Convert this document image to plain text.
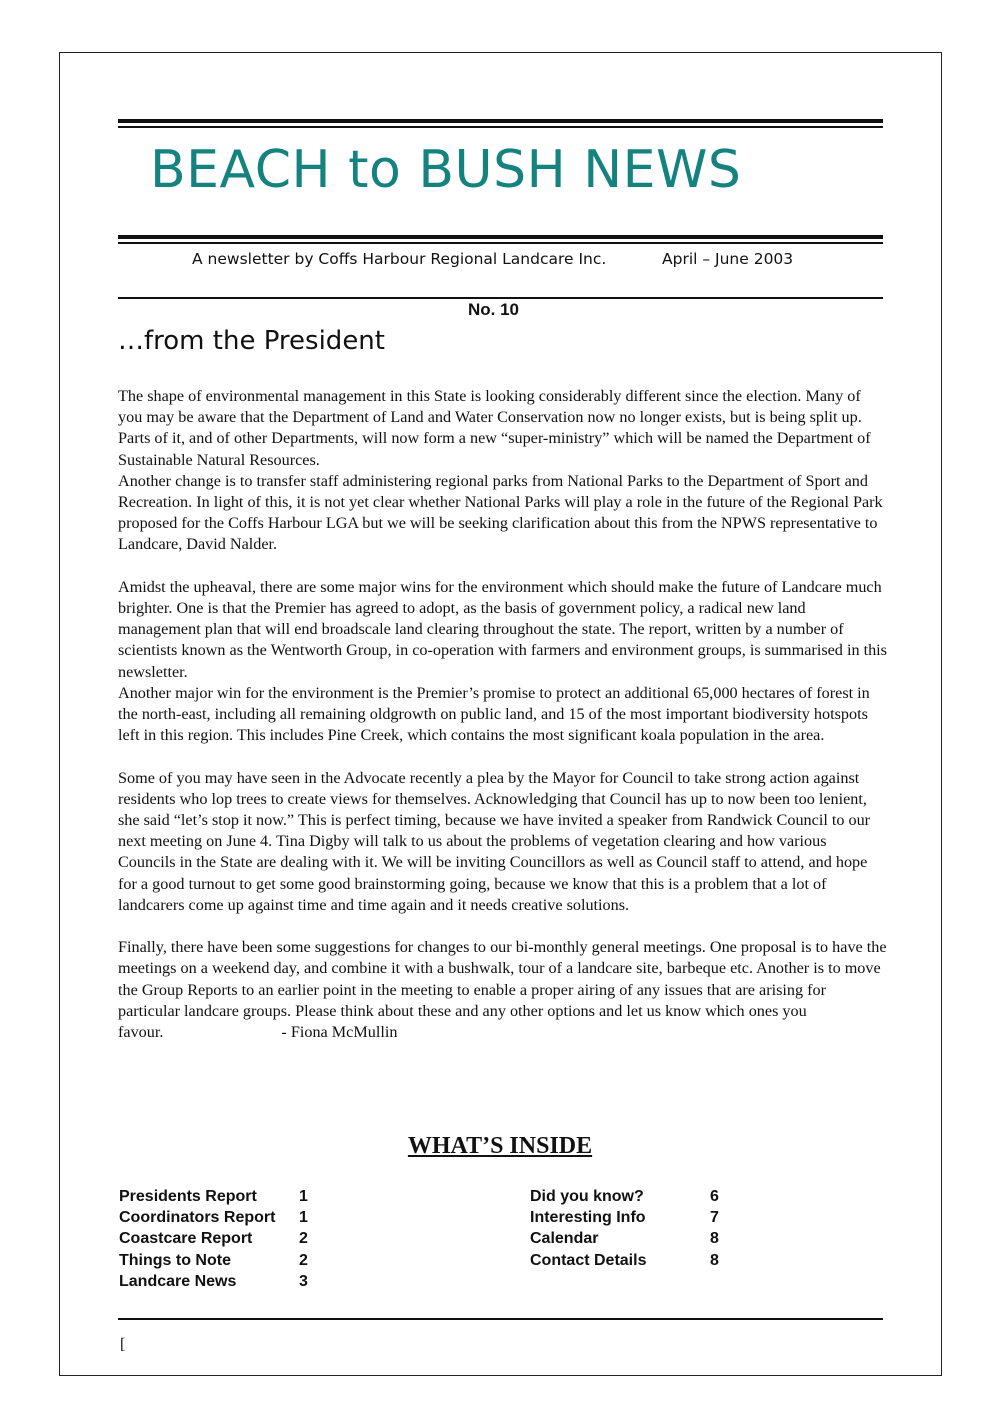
BEACH to BUSH NEWS
A newsletter by Coffs Harbour Regional Landcare Inc.	April – June 2003
No. 10
…from the President

The shape of environmental management in this State is looking considerably different since the election. Many of you may be aware that the Department of Land and Water Conservation now no longer exists, but is being split up. Parts of it, and of other Departments, will now form a new “super-ministry” which will be named the Department of Sustainable Natural Resources.
Another change is to transfer staff administering regional parks from National Parks to the Department of Sport and Recreation. In light of this, it is not yet clear whether National Parks will play a role in the future of the Regional Park proposed for the Coffs Harbour LGA but we will be seeking clarification about this from the NPWS representative to Landcare, David Nalder.

Amidst the upheaval, there are some major wins for the environment which should make the future of Landcare much brighter. One is that the Premier has agreed to adopt, as the basis of government policy, a radical new land management plan that will end broadscale land clearing throughout the state. The report, written by a number of scientists known as the Wentworth Group, in co-operation with farmers and environment groups, is summarised in this newsletter.
Another major win for the environment is the Premier’s promise to protect an additional 65,000 hectares of forest in the north-east, including all remaining oldgrowth on public land, and 15 of the most important biodiversity hotspots left in this region. This includes Pine Creek, which contains the most significant koala population in the area.

Some of you may have seen in the Advocate recently a plea by the Mayor for Council to take strong action against residents who lop trees to create views for themselves. Acknowledging that Council has up to now been too lenient, she said “let’s stop it now.” This is perfect timing, because we have invited a speaker from Randwick Council to our next meeting on June 4. Tina Digby will talk to us about the problems of vegetation clearing and how various Councils in the State are dealing with it. We will be inviting Councillors as well as Council staff to attend, and hope for a good turnout to get some good brainstorming going, because we know that this is a problem that a lot of landcarers come up against time and time again and it needs creative solutions.

Finally, there have been some suggestions for changes to our bi-monthly general meetings. One proposal is to have the meetings on a weekend day, and combine it with a bushwalk, tour of a landcare site, barbeque etc. Another is to move the Group Reports to an earlier point in the meeting to enable a proper airing of any issues that are arising for particular landcare groups. Please think about these and any other options and let us know which ones you favour.	- Fiona McMullin

WHAT’S INSIDE
Presidents Report	1
Coordinators Report	1
Coastcare Report	2
Things to Note	2
Landcare News	3
Did you know?	6
Interesting Info	7
Calendar	8
Contact Details	8
[
